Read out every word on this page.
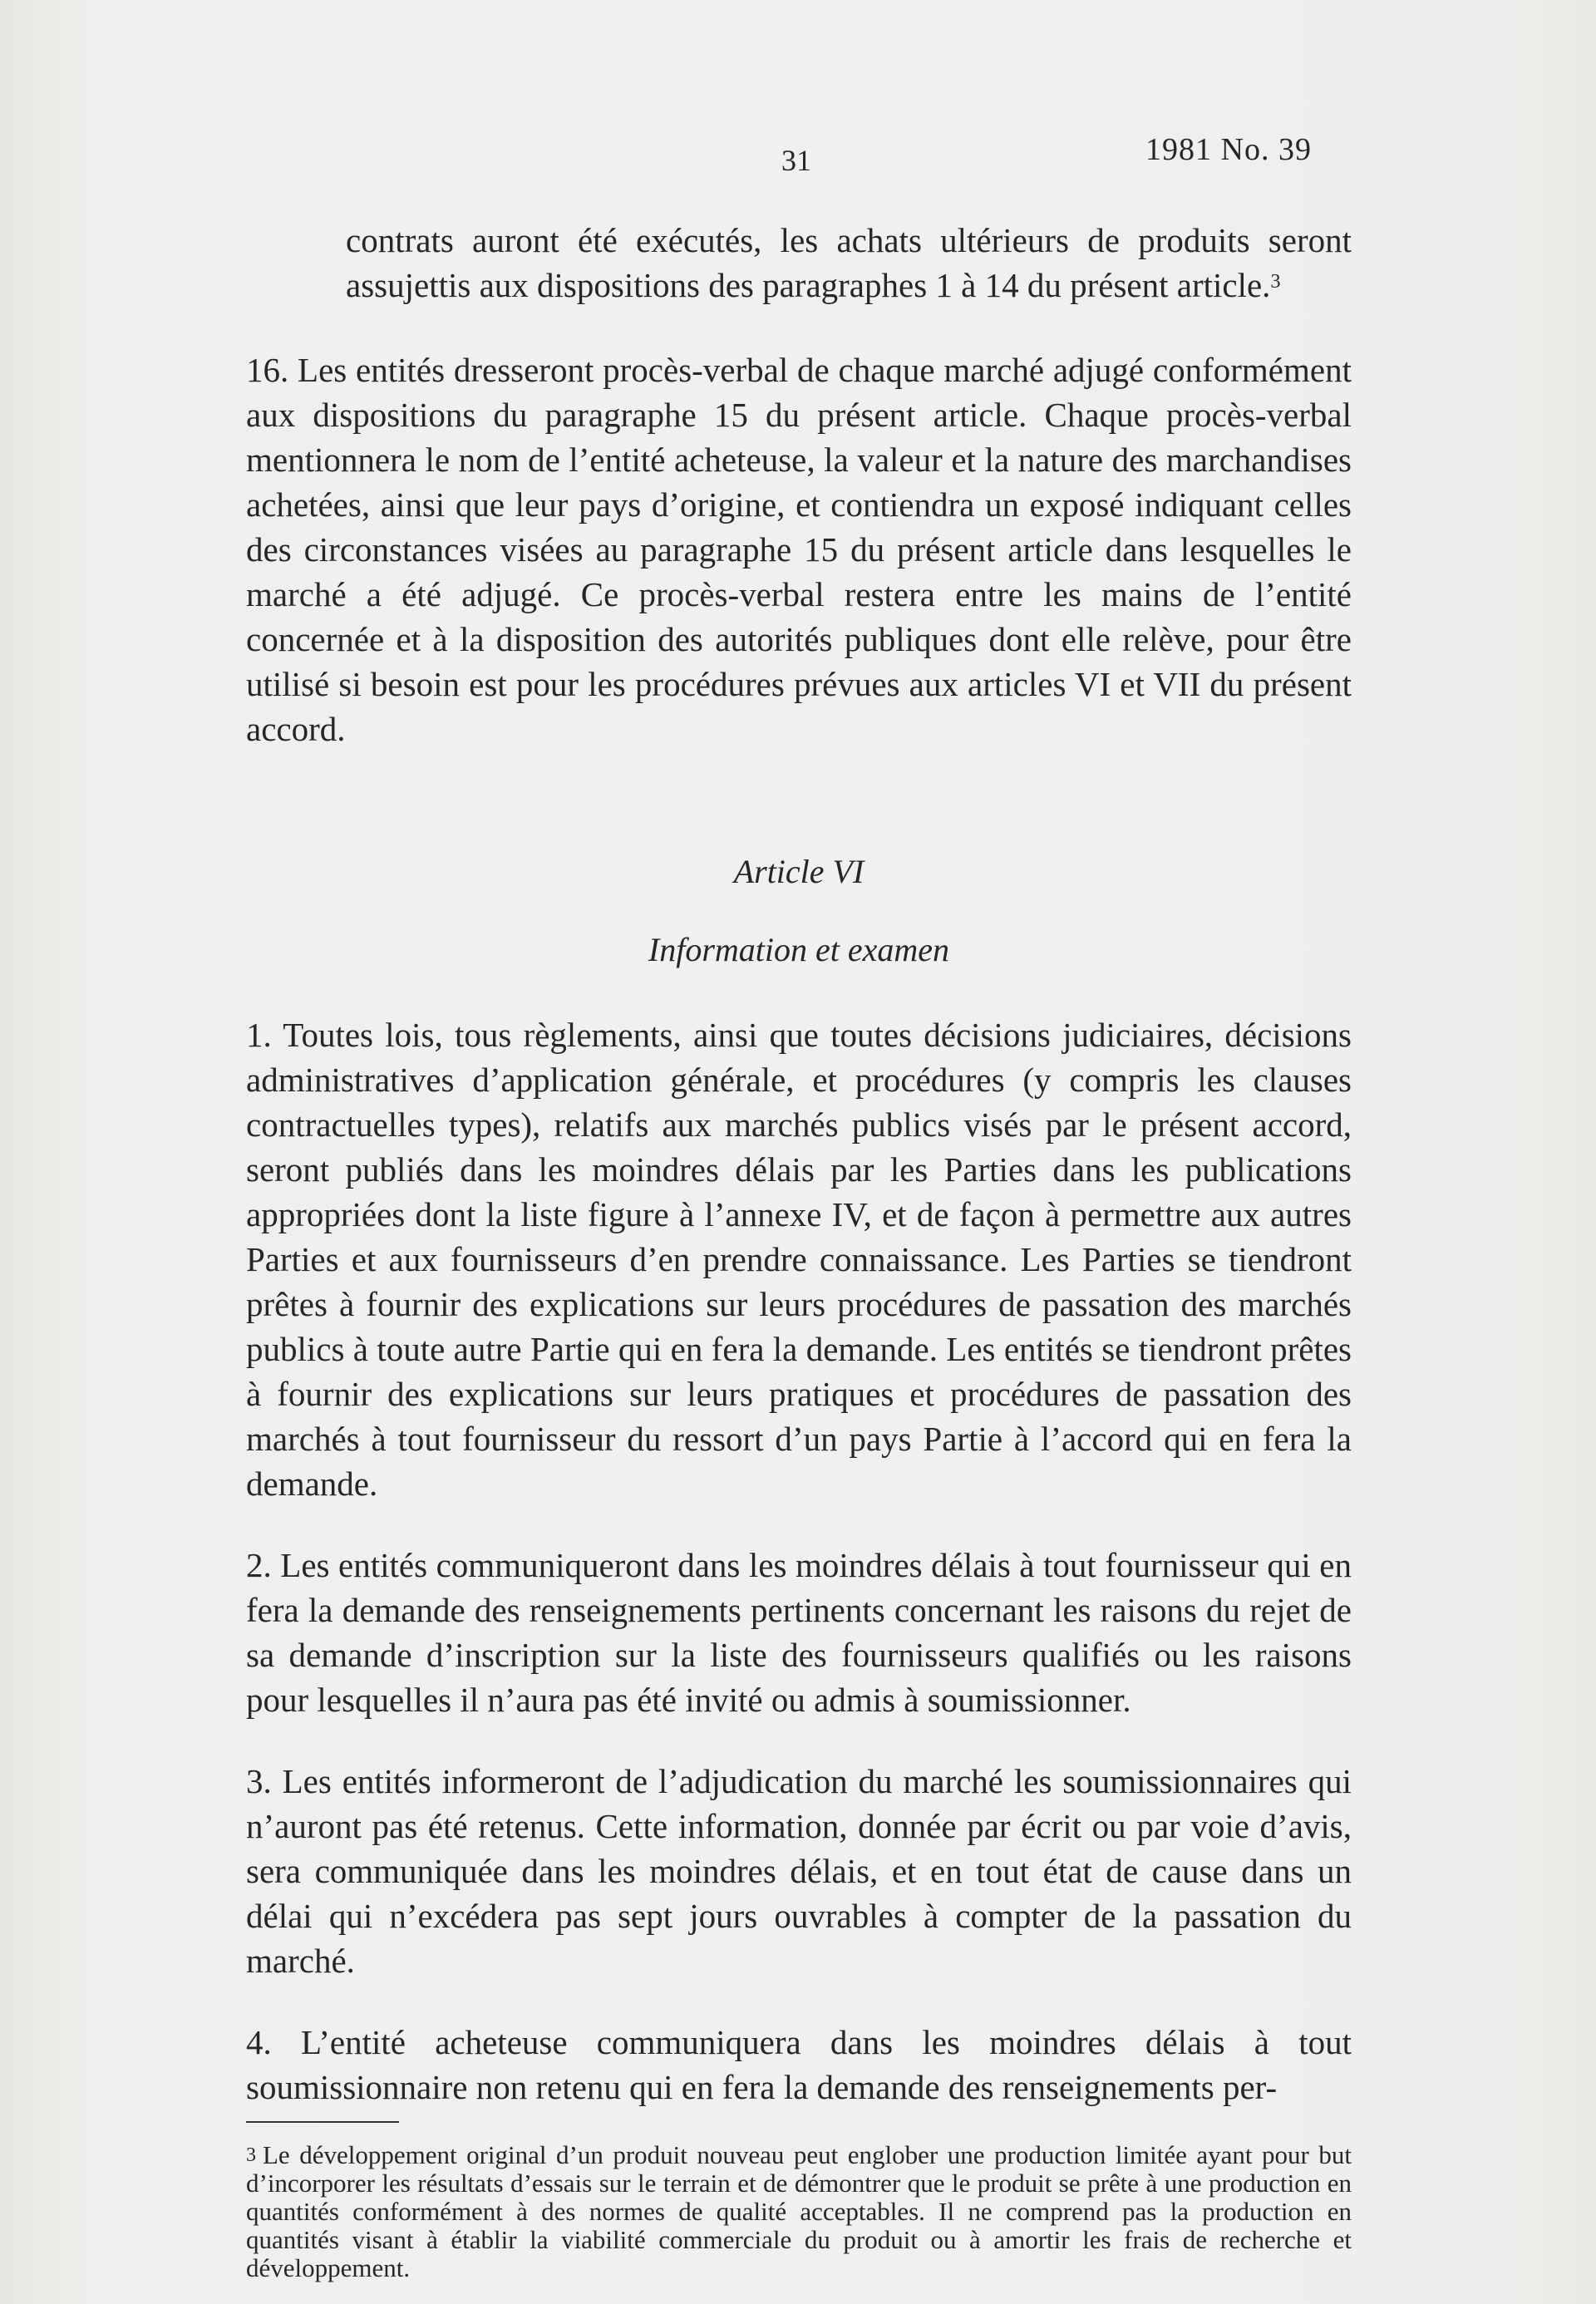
31	1981 No. 39

contrats auront été exécutés, les achats ultérieurs de produits seront assujettis aux dispositions des paragraphes 1 à 14 du présent article.$^3$

16. Les entités dresseront procès-verbal de chaque marché adjugé conformément aux dispositions du paragraphe 15 du présent article. Chaque procès-verbal mentionnera le nom de l’entité acheteuse, la valeur et la nature des marchandises achetées, ainsi que leur pays d’origine, et contiendra un exposé indiquant celles des circonstances visées au paragraphe 15 du présent article dans lesquelles le marché a été adjugé. Ce procès-verbal restera entre les mains de l’entité concernée et à la disposition des autorités publiques dont elle relève, pour être utilisé si besoin est pour les procédures prévues aux articles VI et VII du présent accord.

Article VI
Information et examen

1. Toutes lois, tous règlements, ainsi que toutes décisions judiciaires, décisions administratives d’application générale, et procédures (y compris les clauses contractuelles types), relatifs aux marchés publics visés par le présent accord, seront publiés dans les moindres délais par les Parties dans les publications appropriées dont la liste figure à l’annexe IV, et de façon à permettre aux autres Parties et aux fournisseurs d’en prendre connaissance. Les Parties se tiendront prêtes à fournir des explications sur leurs procédures de passation des marchés publics à toute autre Partie qui en fera la demande. Les entités se tiendront prêtes à fournir des explications sur leurs pratiques et procédures de passation des marchés à tout fournisseur du ressort d’un pays Partie à l’accord qui en fera la demande.

2. Les entités communiqueront dans les moindres délais à tout fournisseur qui en fera la demande des renseignements pertinents concernant les raisons du rejet de sa demande d’inscription sur la liste des fournisseurs qualifiés ou les raisons pour lesquelles il n’aura pas été invité ou admis à soumissionner.

3. Les entités informeront de l’adjudication du marché les soumissionnaires qui n’auront pas été retenus. Cette information, donnée par écrit ou par voie d’avis, sera communiquée dans les moindres délais, et en tout état de cause dans un délai qui n’excédera pas sept jours ouvrables à compter de la passation du marché.

4. L’entité acheteuse communiquera dans les moindres délais à tout soumissionnaire non retenu qui en fera la demande des renseignements per-

$^3$ Le développement original d’un produit nouveau peut englober une production limitée ayant pour but d’incorporer les résultats d’essais sur le terrain et de démontrer que le produit se prête à une production en quantités conformément à des normes de qualité acceptables. Il ne comprend pas la production en quantités visant à établir la viabilité commerciale du produit ou à amortir les frais de recherche et développement.
